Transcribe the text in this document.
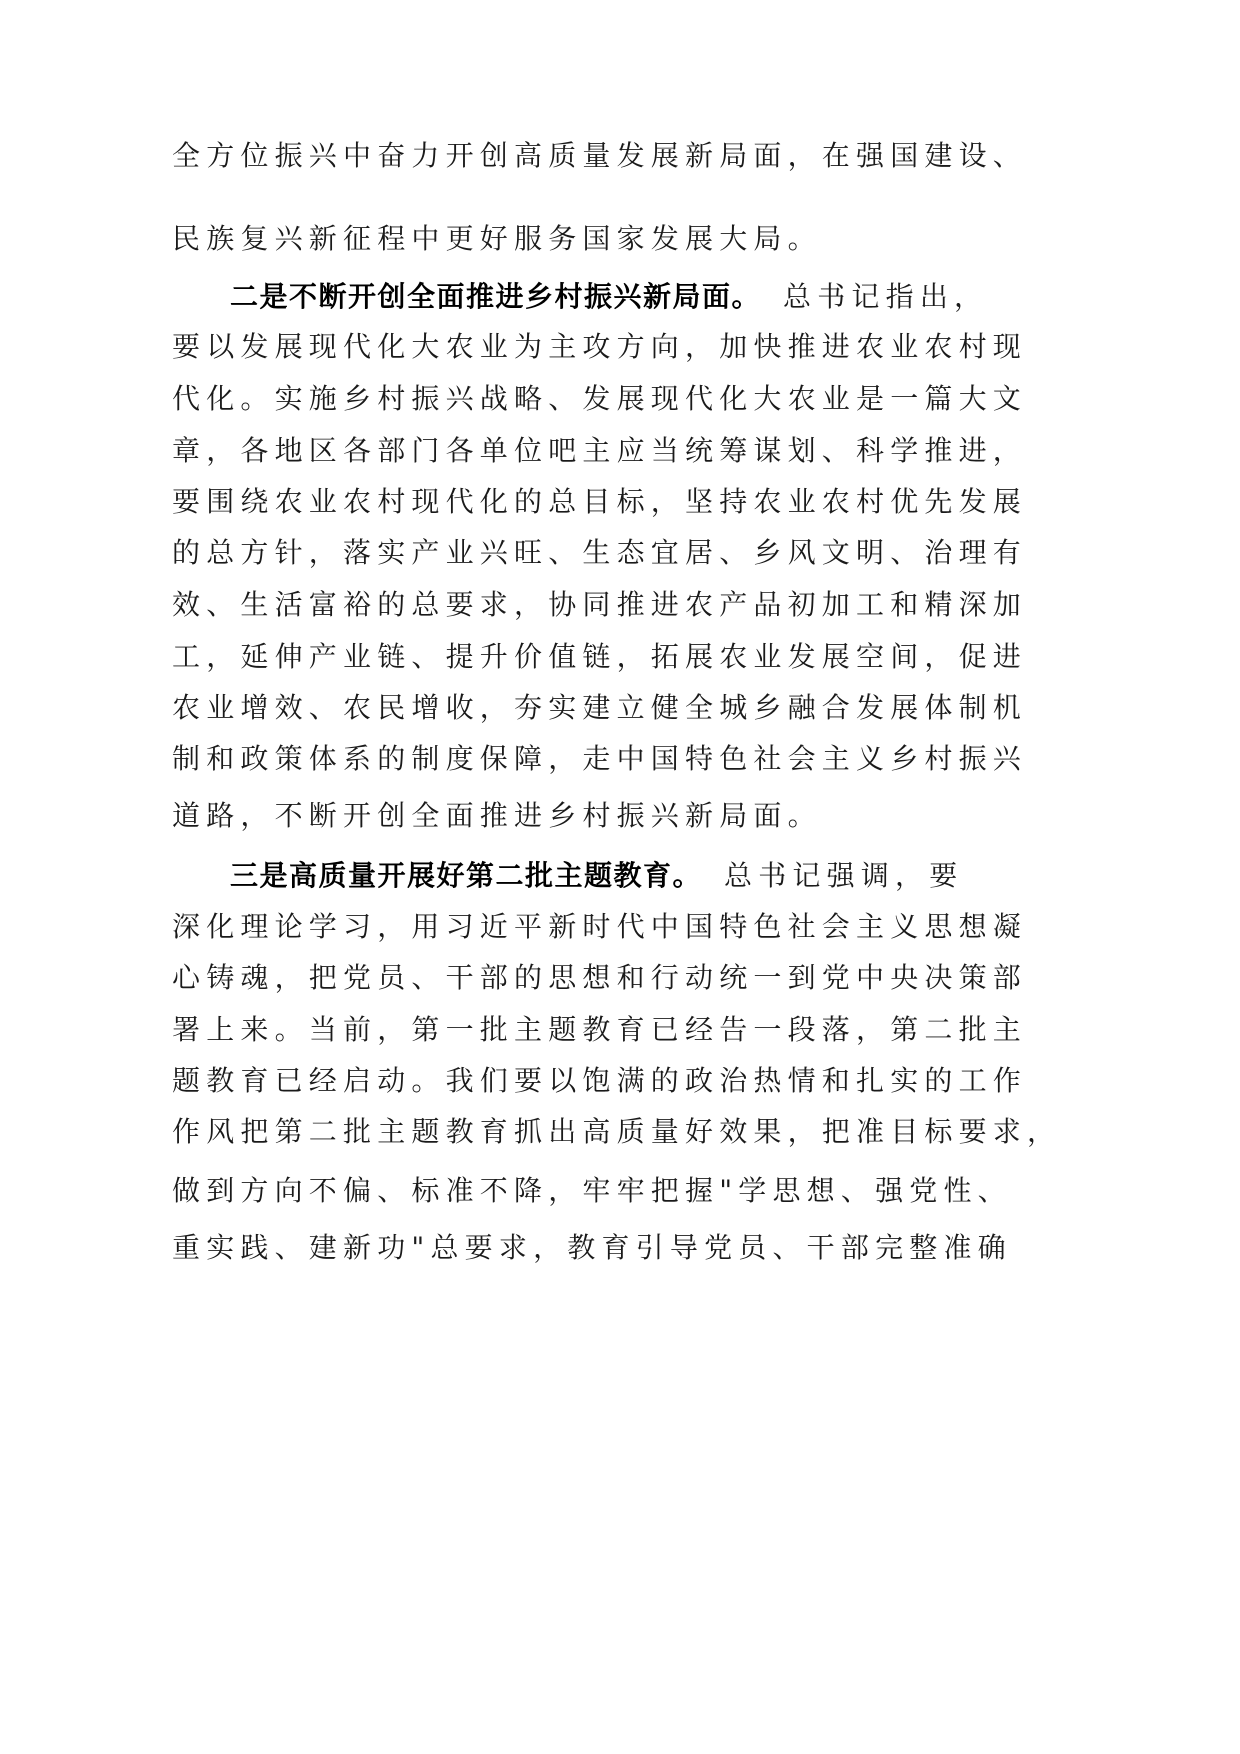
全方位振兴中奋力开创高质量发展新局面，在强国建设、
民族复兴新征程中更好服务国家发展大局。
二是不断开创全面推进乡村振兴新局面。 总书记指出，
要以发展现代化大农业为主攻方向，加快推进农业农村现
代化。实施乡村振兴战略、发展现代化大农业是一篇大文
章，各地区各部门各单位吧主应当统筹谋划、科学推进，
要围绕农业农村现代化的总目标，坚持农业农村优先发展
的总方针，落实产业兴旺、生态宜居、乡风文明、治理有
效、生活富裕的总要求，协同推进农产品初加工和精深加
工，延伸产业链、提升价值链，拓展农业发展空间，促进
农业增效、农民增收，夯实建立健全城乡融合发展体制机
制和政策体系的制度保障，走中国特色社会主义乡村振兴
道路，不断开创全面推进乡村振兴新局面。
三是高质量开展好第二批主题教育。 总书记强调，要
深化理论学习，用习近平新时代中国特色社会主义思想凝
心铸魂，把党员、干部的思想和行动统一到党中央决策部
署上来。当前，第一批主题教育已经告一段落，第二批主
题教育已经启动。我们要以饱满的政治热情和扎实的工作
作风把第二批主题教育抓出高质量好效果，把准目标要求，
做到方向不偏、标准不降，牢牢把握"学思想、强党性、
重实践、建新功"总要求，教育引导党员、干部完整准确
